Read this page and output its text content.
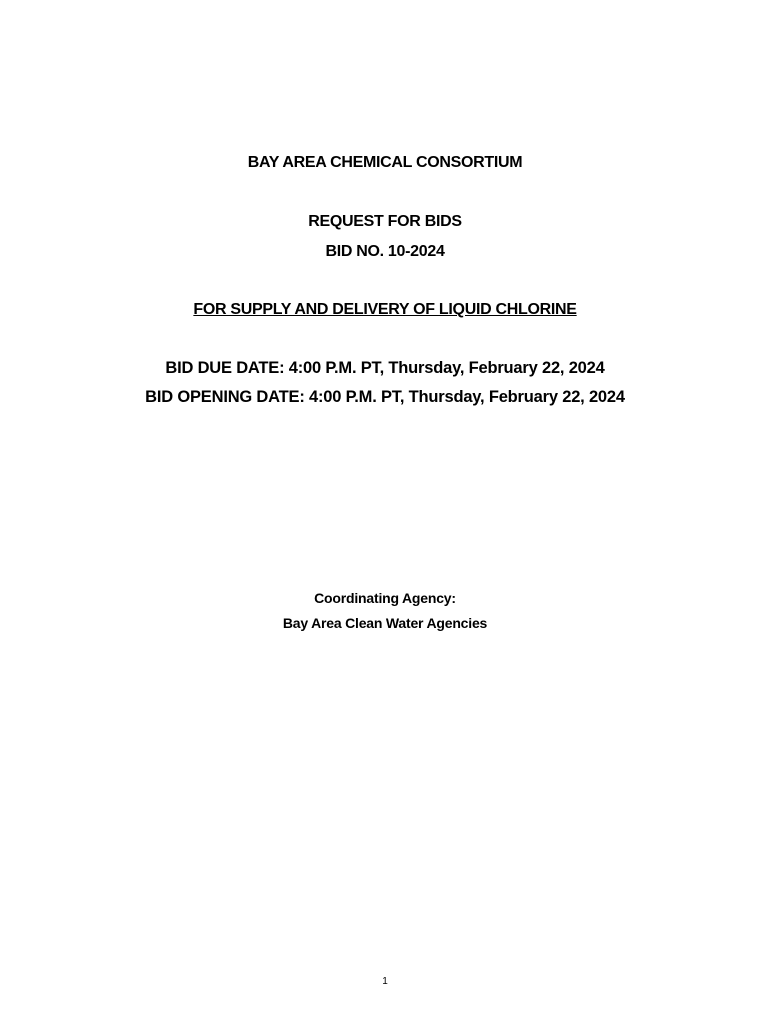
BAY AREA CHEMICAL CONSORTIUM
REQUEST FOR BIDS
BID NO. 10-2024
FOR SUPPLY AND DELIVERY OF LIQUID CHLORINE
BID DUE DATE: 4:00 P.M. PT, Thursday, February 22, 2024
BID OPENING DATE: 4:00 P.M. PT, Thursday, February 22, 2024
Coordinating Agency:
Bay Area Clean Water Agencies
1
